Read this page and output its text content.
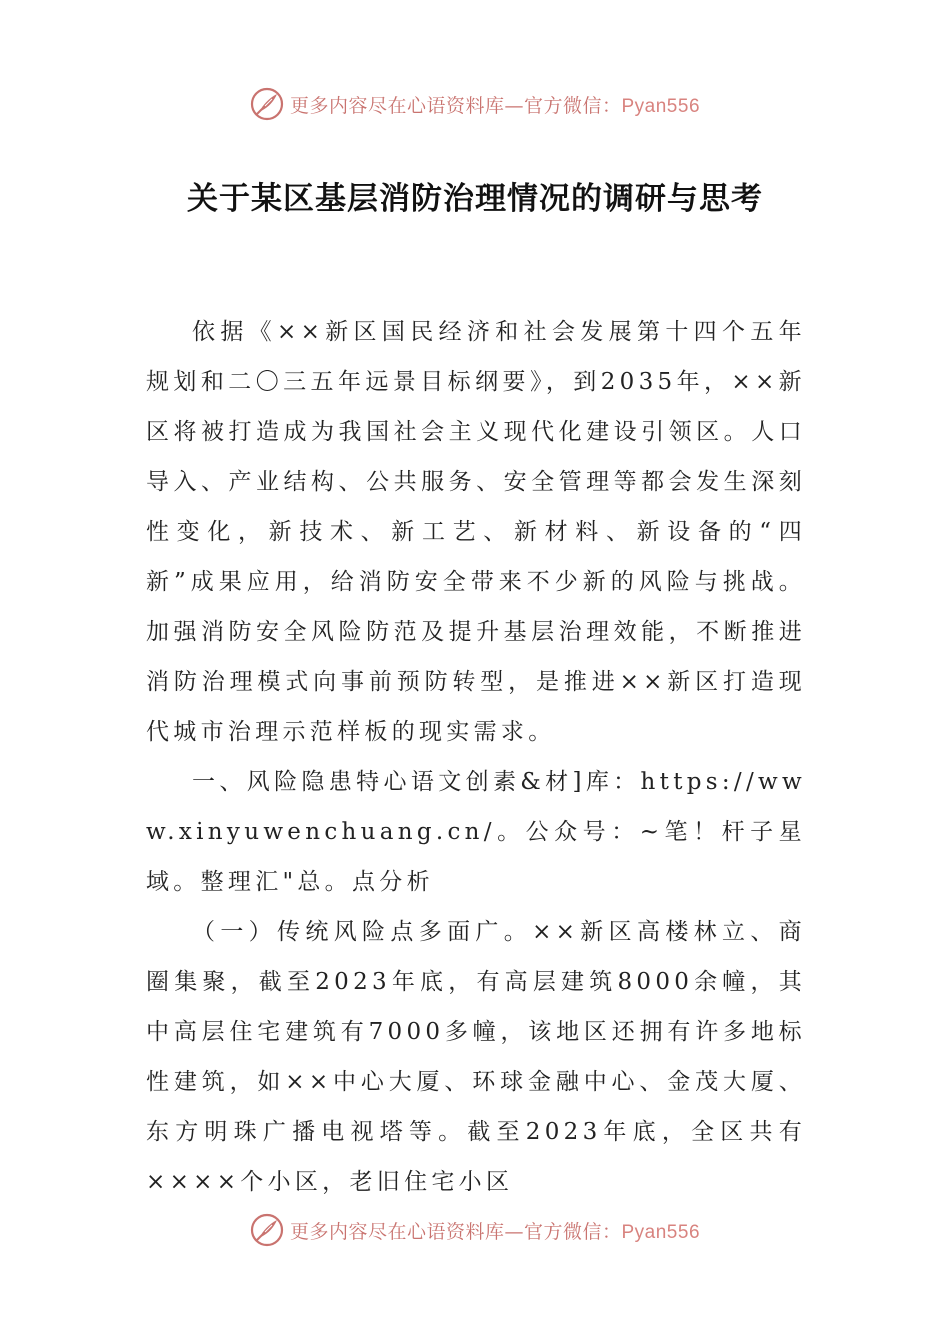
更多内容尽在心语资料库—官方微信：Pyan556
关于某区基层消防治理情况的调研与思考

依据《××新区国民经济和社会发展第十四个五年规划和二〇三五年远景目标纲要》，到2035年，××新区将被打造成为我国社会主义现代化建设引领区。人口导入、产业结构、公共服务、安全管理等都会发生深刻性变化，新技术、新工艺、新材料、新设备的“四新”成果应用，给消防安全带来不少新的风险与挑战。加强消防安全风险防范及提升基层治理效能，不断推进消防治理模式向事前预防转型，是推进××新区打造现代城市治理示范样板的现实需求。

一、风险隐患特心语文创素&材]库：https://www.xinyuwenchuang.cn/。公众号：~笔！杆子星域。整理汇"总。点分析

（一）传统风险点多面广。××新区高楼林立、商圈集聚，截至2023年底，有高层建筑8000余幢，其中高层住宅建筑有7000多幢，该地区还拥有许多地标性建筑，如××中心大厦、环球金融中心、金茂大厦、东方明珠广播电视塔等。截至2023年底，全区共有××××个小区，老旧住宅小区

更多内容尽在心语资料库—官方微信：Pyan556
